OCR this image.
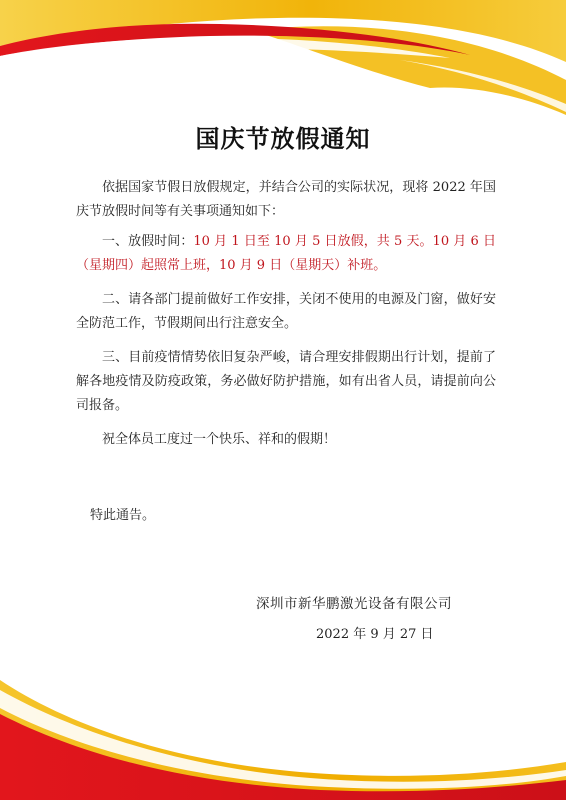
国庆节放假通知

依据国家节假日放假规定，并结合公司的实际状况，现将 2022 年国庆节放假时间等有关事项通知如下：

一、放假时间：10 月 1 日至 10 月 5 日放假，共 5 天。10 月 6 日（星期四）起照常上班，10 月 9 日（星期天）补班。

二、请各部门提前做好工作安排，关闭不使用的电源及门窗，做好安全防范工作，节假期间出行注意安全。

三、目前疫情情势依旧复杂严峻，请合理安排假期出行计划，提前了解各地疫情及防疫政策，务必做好防护措施，如有出省人员，请提前向公司报备。

祝全体员工度过一个快乐、祥和的假期！

特此通告。
深圳市新华鹏激光设备有限公司
2022 年 9 月 27 日
